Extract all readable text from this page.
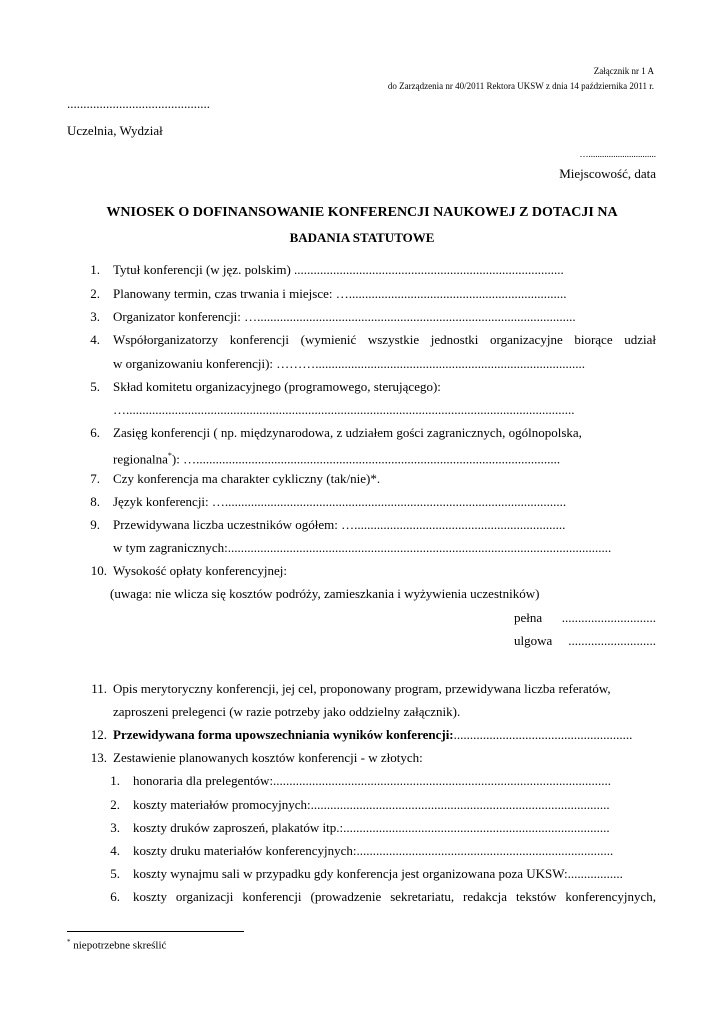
Załącznik nr 1 A
do Zarządzenia nr 40/2011 Rektora UKSW z dnia 14 października 2011 r.
............................................
Uczelnia, Wydział
…..............................
Miejscowość, data
WNIOSEK O DOFINANSOWANIE KONFERENCJI NAUKOWEJ Z DOTACJI NA
BADANIA STATUTOWE
1. Tytuł konferencji (w jęz. polskim) ...................................................................................
2. Planowany termin, czas trwania i miejsce: …...................................................................
3. Organizator konferencji: …..................................................................................................
4. Współorganizatorzy konferencji (wymienić wszystkie jednostki organizacyjne biorące udział
w organizowaniu konferencji): ………...................................................................................
5. Skład komitetu organizacyjnego (programowego, sterującego):
…..........................................................................................................................................
6. Zasięg konferencji ( np. międzynarodowa, z udziałem gości zagranicznych, ogólnopolska,
regionalna*): …................................................................................................................
7. Czy konferencja ma charakter cykliczny (tak/nie)*.
8. Język konferencji: ….........................................................................................................
9. Przewidywana liczba uczestników ogółem: ….................................................................
w tym zagranicznych:......................................................................................................................
10. Wysokość opłaty konferencyjnej:
(uwaga: nie wlicza się kosztów podróży, zamieszkania i wyżywienia uczestników)
pełna .............................
ulgowa ...........................
11. Opis merytoryczny konferencji, jej cel, proponowany program, przewidywana liczba referatów,
zaproszeni prelegenci (w razie potrzeby jako oddzielny załącznik).
12. Przewidywana forma upowszechniania wyników konferencji:.......................................................
13. Zestawienie planowanych kosztów konferencji - w złotych:
1. honoraria dla prelegentów:........................................................................................................
2. koszty materiałów promocyjnych:............................................................................................
3. koszty druków zaproszeń, plakatów itp.:..................................................................................
4. koszty druku materiałów konferencyjnych:...............................................................................
5. koszty wynajmu sali w przypadku gdy konferencja jest organizowana poza UKSW:.................
6. koszty organizacji konferencji (prowadzenie sekretariatu, redakcja tekstów konferencyjnych,
* niepotrzebne skreślić
